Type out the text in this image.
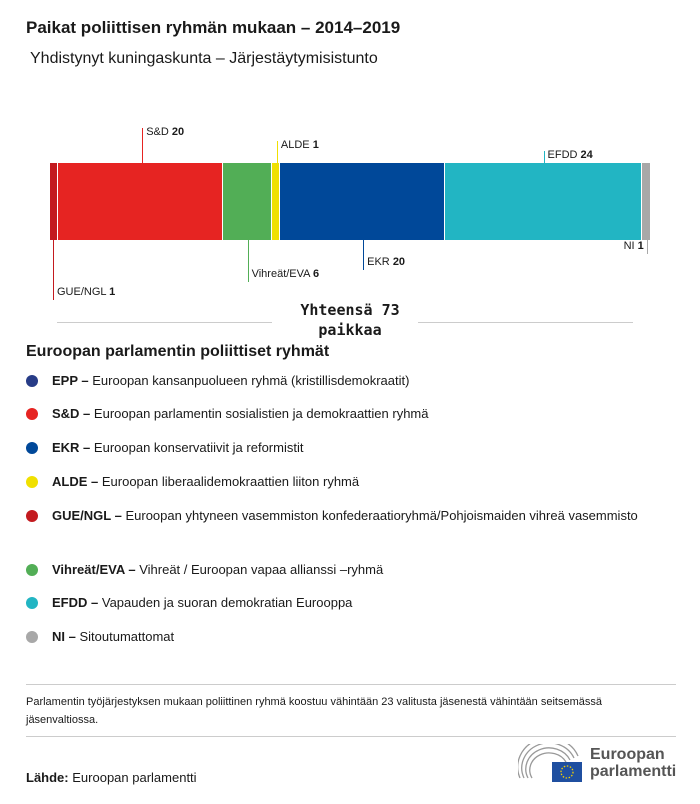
Paikat poliittisen ryhmän mukaan – 2014–2019
Yhdistynyt kuningaskunta – Järjestäytymisistunto
GUE/NGL 1
S&D 20
Vihreät/EVA 6
ALDE 1
EKR 20
EFDD 24
NI 1
Yhteensä 73 paikkaa
Euroopan parlamentin poliittiset ryhmät
EPP – Euroopan kansanpuolueen ryhmä (kristillisdemokraatit)
S&D – Euroopan parlamentin sosialistien ja demokraattien ryhmä
EKR – Euroopan konservatiivit ja reformistit
ALDE – Euroopan liberaalidemokraattien liiton ryhmä
GUE/NGL – Euroopan yhtyneen vasemmiston konfederaatioryhmä/Pohjoismaiden vihreä vasemmisto
Vihreät/EVA – Vihreät / Euroopan vapaa allianssi –ryhmä
EFDD – Vapauden ja suoran demokratian Eurooppa
NI – Sitoutumattomat
Parlamentin työjärjestyksen mukaan poliittinen ryhmä koostuu vähintään 23 valitusta jäsenestä vähintään seitsemässä jäsenvaltiossa.
Lähde: Euroopan parlamentti
Euroopan
parlamentti
